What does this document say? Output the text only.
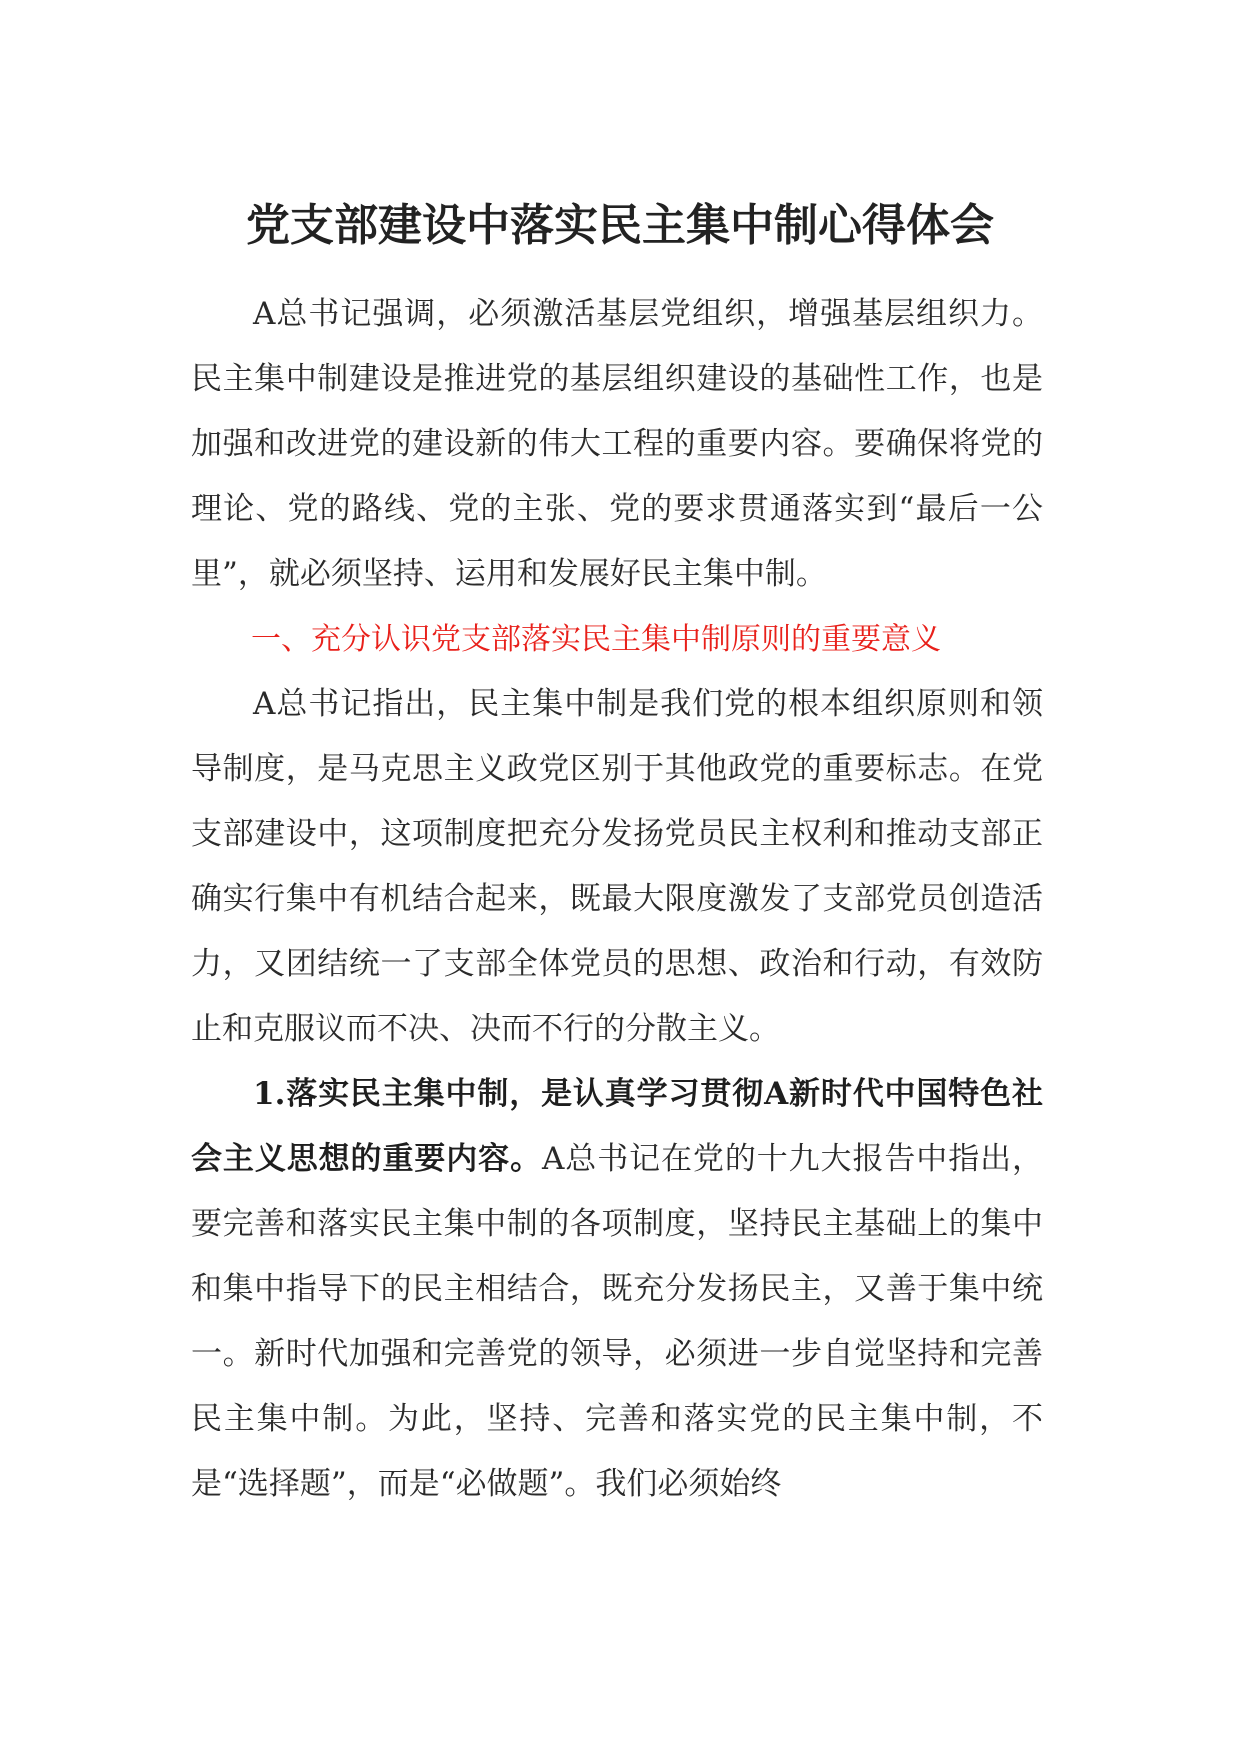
党支部建设中落实民主集中制心得体会

A总书记强调，必须激活基层党组织，增强基层组织力。民主集中制建设是推进党的基层组织建设的基础性工作，也是加强和改进党的建设新的伟大工程的重要内容。要确保将党的理论、党的路线、党的主张、党的要求贯通落实到“最后一公里”，就必须坚持、运用和发展好民主集中制。

一、充分认识党支部落实民主集中制原则的重要意义

A总书记指出，民主集中制是我们党的根本组织原则和领导制度，是马克思主义政党区别于其他政党的重要标志。在党支部建设中，这项制度把充分发扬党员民主权利和推动支部正确实行集中有机结合起来，既最大限度激发了支部党员创造活力，又团结统一了支部全体党员的思想、政治和行动，有效防止和克服议而不决、决而不行的分散主义。

1.落实民主集中制，是认真学习贯彻A新时代中国特色社会主义思想的重要内容。A总书记在党的十九大报告中指出，要完善和落实民主集中制的各项制度，坚持民主基础上的集中和集中指导下的民主相结合，既充分发扬民主，又善于集中统一。新时代加强和完善党的领导，必须进一步自觉坚持和完善民主集中制。为此，坚持、完善和落实党的民主集中制，不是“选择题”，而是“必做题”。我们必须始终
